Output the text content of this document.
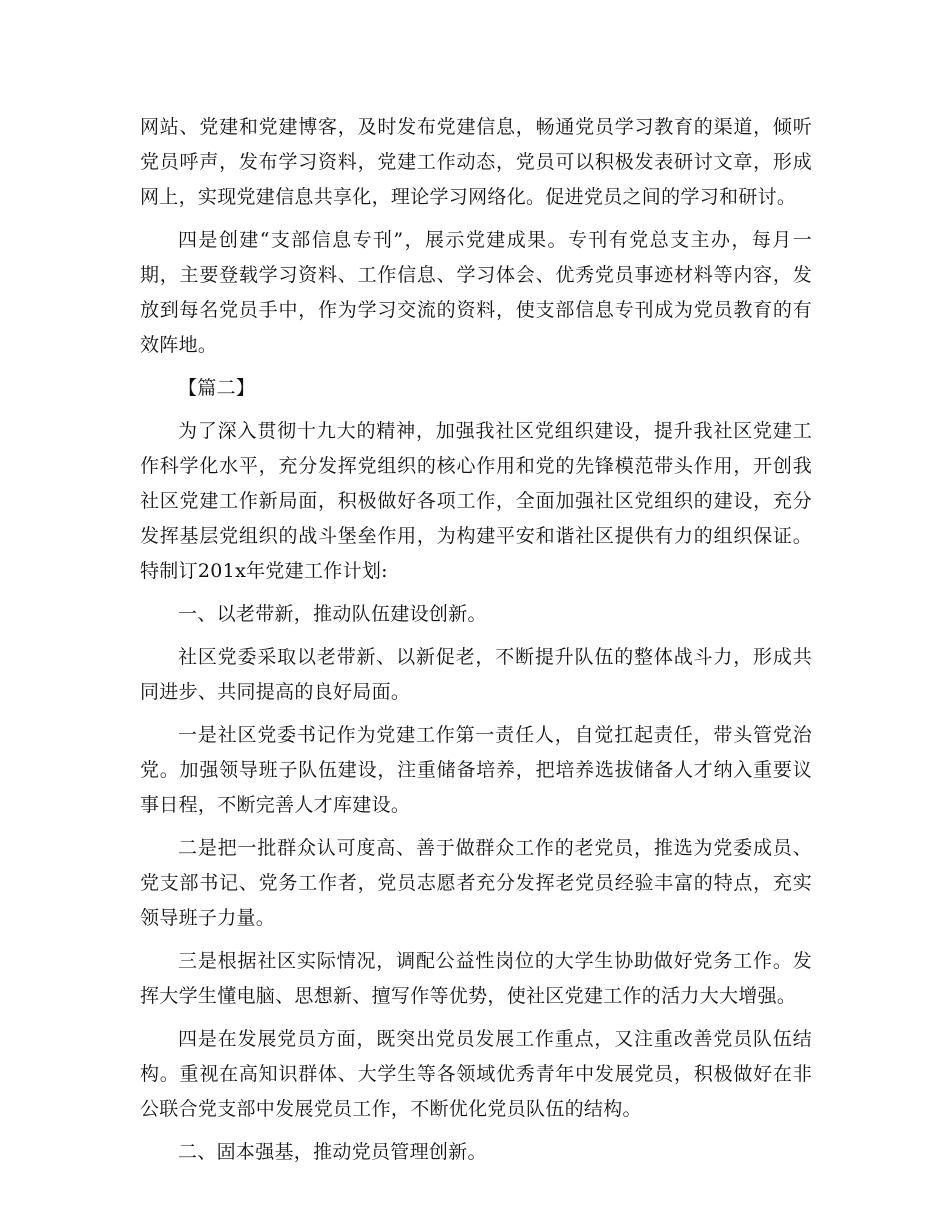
网站、党建和党建博客，及时发布党建信息，畅通党员学习教育的渠道，倾听党员呼声，发布学习资料，党建工作动态，党员可以积极发表研讨文章，形成网上，实现党建信息共享化，理论学习网络化。促进党员之间的学习和研讨。

四是创建“支部信息专刊”，展示党建成果。专刊有党总支主办，每月一期，主要登载学习资料、工作信息、学习体会、优秀党员事迹材料等内容，发放到每名党员手中，作为学习交流的资料，使支部信息专刊成为党员教育的有效阵地。

【篇二】

为了深入贯彻十九大的精神，加强我社区党组织建设，提升我社区党建工作科学化水平，充分发挥党组织的核心作用和党的先锋模范带头作用，开创我社区党建工作新局面，积极做好各项工作，全面加强社区党组织的建设，充分发挥基层党组织的战斗堡垒作用，为构建平安和谐社区提供有力的组织保证。特制订201x年党建工作计划:

一、以老带新，推动队伍建设创新。

社区党委采取以老带新、以新促老，不断提升队伍的整体战斗力，形成共同进步、共同提高的良好局面。

一是社区党委书记作为党建工作第一责任人，自觉扛起责任，带头管党治党。加强领导班子队伍建设，注重储备培养，把培养选拔储备人才纳入重要议事日程，不断完善人才库建设。

二是把一批群众认可度高、善于做群众工作的老党员，推选为党委成员、党支部书记、党务工作者，党员志愿者充分发挥老党员经验丰富的特点，充实领导班子力量。

三是根据社区实际情况，调配公益性岗位的大学生协助做好党务工作。发挥大学生懂电脑、思想新、擅写作等优势，使社区党建工作的活力大大增强。

四是在发展党员方面，既突出党员发展工作重点，又注重改善党员队伍结构。重视在高知识群体、大学生等各领域优秀青年中发展党员，积极做好在非公联合党支部中发展党员工作，不断优化党员队伍的结构。

二、固本强基，推动党员管理创新。
